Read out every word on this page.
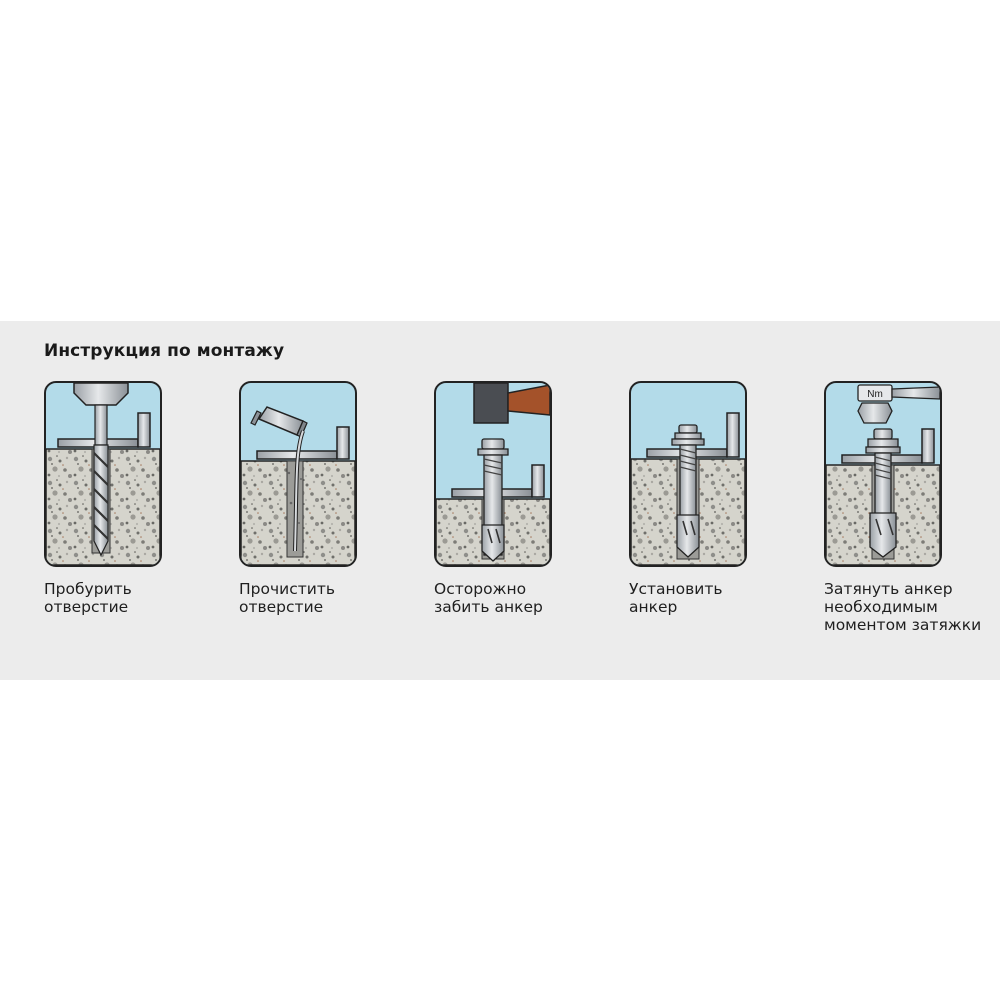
Инструкция по монтажу
Пробурить
отверстие
Прочистить
отверстие
Осторожно
забить анкер
Установить
анкер
Nm
Затянуть анкер
необходимым
моментом затяжки
